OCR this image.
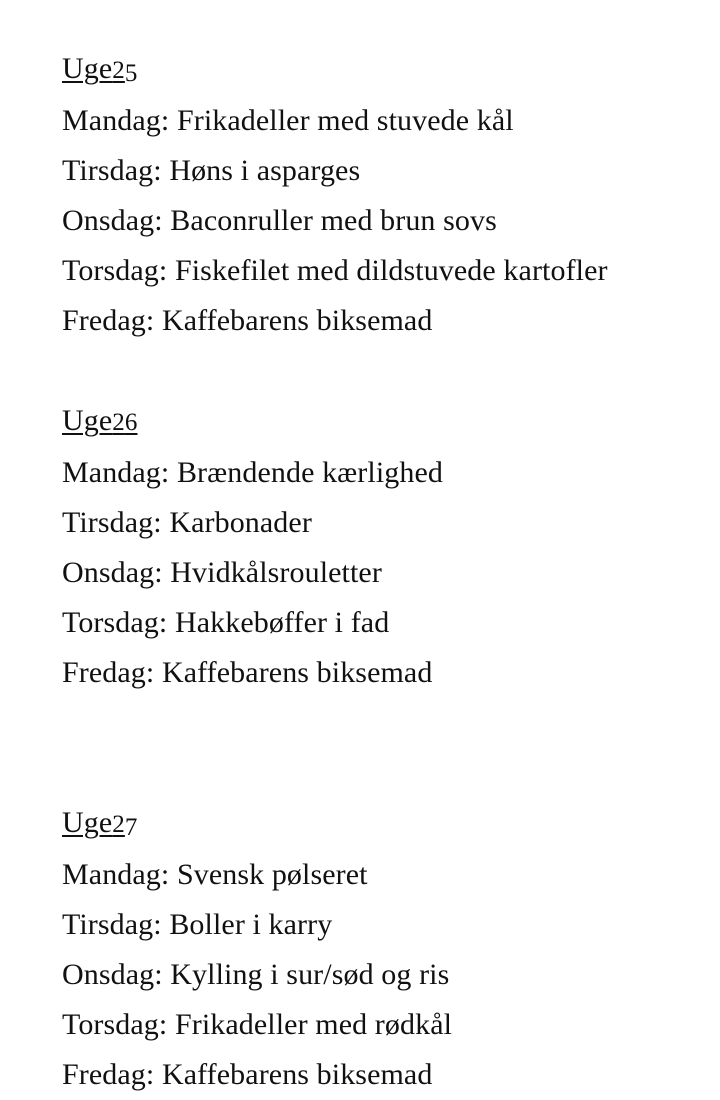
Uge25

Mandag: Frikadeller med stuvede kål

Tirsdag: Høns i asparges

Onsdag: Baconruller med brun sovs

Torsdag: Fiskefilet med dildstuvede kartofler

Fredag: Kaffebarens biksemad

Uge26

Mandag: Brændende kærlighed

Tirsdag: Karbonader

Onsdag: Hvidkålsrouletter

Torsdag: Hakkebøffer i fad

Fredag: Kaffebarens biksemad

Uge27

Mandag: Svensk pølseret

Tirsdag: Boller i karry

Onsdag: Kylling i sur/sød og ris

Torsdag: Frikadeller med rødkål

Fredag: Kaffebarens biksemad
